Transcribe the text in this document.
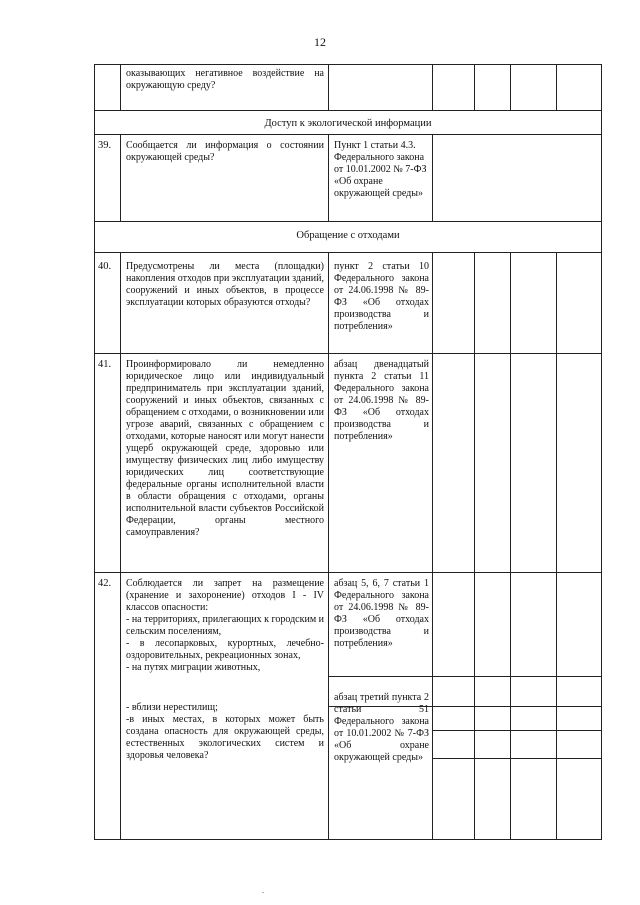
12
оказывающих негативное воздействие на окружающую среду?
Доступ к экологической информации
39. Сообщается ли информация о состоянии окружающей среды?
Пункт 1 статьи 4.3. Федерального закона от 10.01.2002 № 7-ФЗ «Об охране окружающей среды»
Обращение с отходами
40. Предусмотрены ли места (площадки) накопления отходов при эксплуатации зданий, сооружений и иных объектов, в процессе эксплуатации которых образуются отходы?
пункт 2 статьи 10 Федерального закона от 24.06.1998 № 89-ФЗ «Об отходах производства и потребления»
41. Проинформировало ли немедленно юридическое лицо или индивидуальный предприниматель при эксплуатации зданий, сооружений и иных объектов, связанных с обращением с отходами, о возникновении или угрозе аварий, связанных с обращением с отходами, которые наносят или могут нанести ущерб окружающей среде, здоровью или имуществу физических лиц либо имуществу юридических лиц соответствующие федеральные органы исполнительной власти в области обращения с отходами, органы исполнительной власти субъектов Российской Федерации, органы местного самоуправления?
абзац двенадцатый пункта 2 статьи 11 Федерального закона от 24.06.1998 № 89-ФЗ «Об отходах производства и потребления»
42. Соблюдается ли запрет на размещение (хранение и захоронение) отходов I - IV классов опасности:
- на территориях, прилегающих к городским и сельским поселениям,
- в лесопарковых, курортных, лечебно-оздоровительных, рекреационных зонах,
- на путях миграции животных,
- вблизи нерестилищ;
-в иных местах, в которых может быть создана опасность для окружающей среды, естественных экологических систем и здоровья человека?
абзац 5, 6, 7 статьи 1 Федерального закона от 24.06.1998 № 89-ФЗ «Об отходах производства и потребления»
абзац третий пункта 2 статьи 51 Федерального закона от 10.01.2002 № 7-ФЗ «Об охране окружающей среды»
.
